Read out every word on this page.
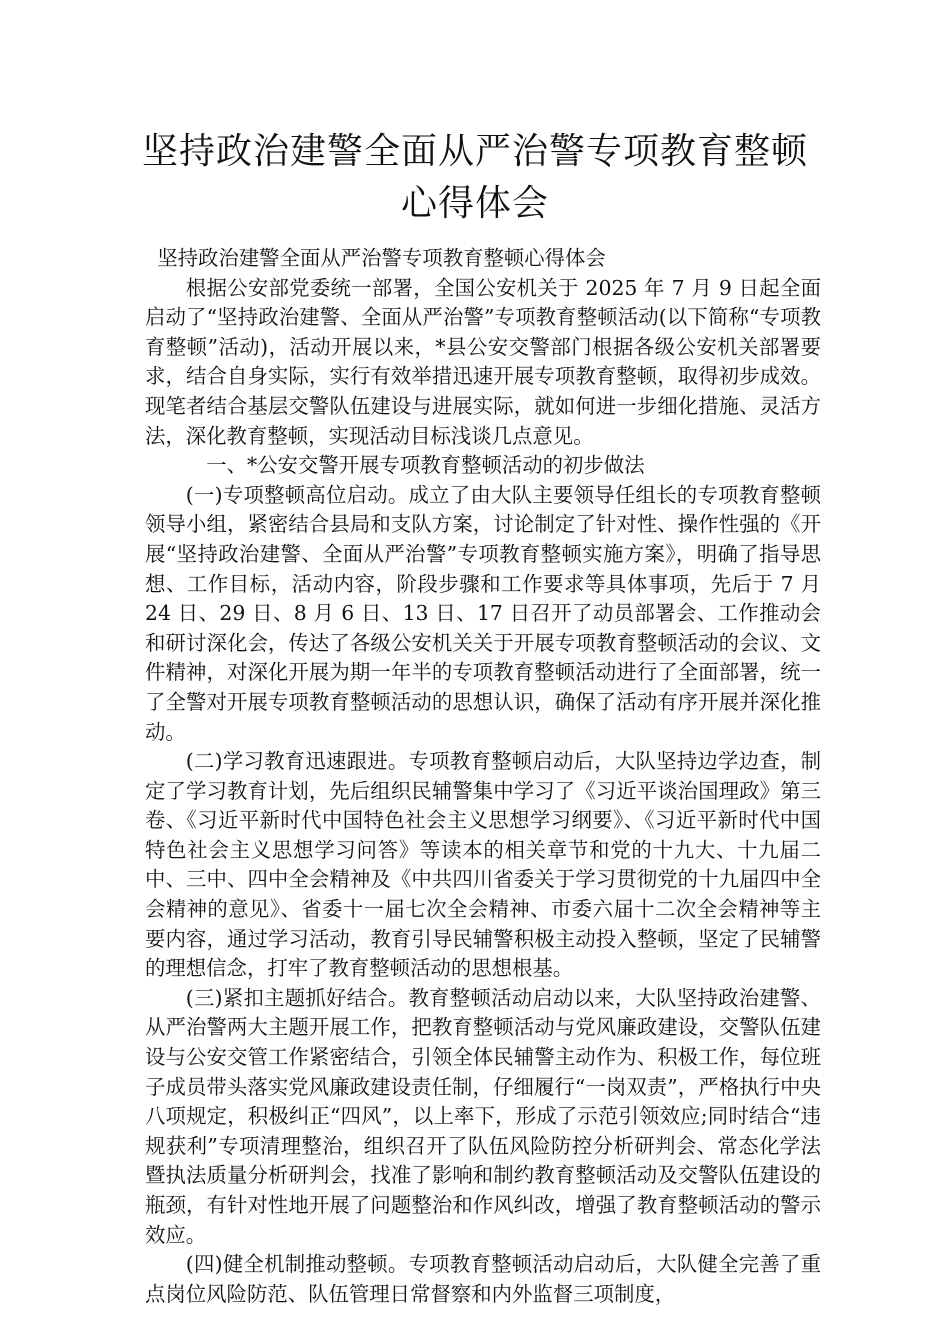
坚持政治建警全面从严治警专项教育整顿
心得体会

坚持政治建警全面从严治警专项教育整顿心得体会

根据公安部党委统一部署，全国公安机关于 2025 年 7 月 9 日起全面启动了“坚持政治建警、全面从严治警”专项教育整顿活动(以下简称“专项教育整顿”活动)，活动开展以来，*县公安交警部门根据各级公安机关部署要求，结合自身实际，实行有效举措迅速开展专项教育整顿，取得初步成效。现笔者结合基层交警队伍建设与进展实际，就如何进一步细化措施、灵活方法，深化教育整顿，实现活动目标浅谈几点意见。

一、*公安交警开展专项教育整顿活动的初步做法

(一)专项整顿高位启动。成立了由大队主要领导任组长的专项教育整顿领导小组，紧密结合县局和支队方案，讨论制定了针对性、操作性强的《开展“坚持政治建警、全面从严治警”专项教育整顿实施方案》，明确了指导思想、工作目标，活动内容，阶段步骤和工作要求等具体事项，先后于 7 月 24 日、29 日、8 月 6 日、13 日、17 日召开了动员部署会、工作推动会和研讨深化会，传达了各级公安机关关于开展专项教育整顿活动的会议、文件精神，对深化开展为期一年半的专项教育整顿活动进行了全面部署，统一了全警对开展专项教育整顿活动的思想认识，确保了活动有序开展并深化推动。

(二)学习教育迅速跟进。专项教育整顿启动后，大队坚持边学边查，制定了学习教育计划，先后组织民辅警集中学习了《习近平谈治国理政》第三卷、《习近平新时代中国特色社会主义思想学习纲要》、《习近平新时代中国特色社会主义思想学习问答》等读本的相关章节和党的十九大、十九届二中、三中、四中全会精神及《中共四川省委关于学习贯彻党的十九届四中全会精神的意见》、省委十一届七次全会精神、市委六届十二次全会精神等主要内容，通过学习活动，教育引导民辅警积极主动投入整顿，坚定了民辅警的理想信念，打牢了教育整顿活动的思想根基。

(三)紧扣主题抓好结合。教育整顿活动启动以来，大队坚持政治建警、从严治警两大主题开展工作，把教育整顿活动与党风廉政建设，交警队伍建设与公安交管工作紧密结合，引领全体民辅警主动作为、积极工作，每位班子成员带头落实党风廉政建设责任制，仔细履行“一岗双责”，严格执行中央八项规定，积极纠正“四风”，以上率下，形成了示范引领效应;同时结合“违规获利”专项清理整治，组织召开了队伍风险防控分析研判会、常态化学法暨执法质量分析研判会，找准了影响和制约教育整顿活动及交警队伍建设的瓶颈，有针对性地开展了问题整治和作风纠改，增强了教育整顿活动的警示效应。

(四)健全机制推动整顿。专项教育整顿活动启动后，大队健全完善了重点岗位风险防范、队伍管理日常督察和内外监督三项制度，
